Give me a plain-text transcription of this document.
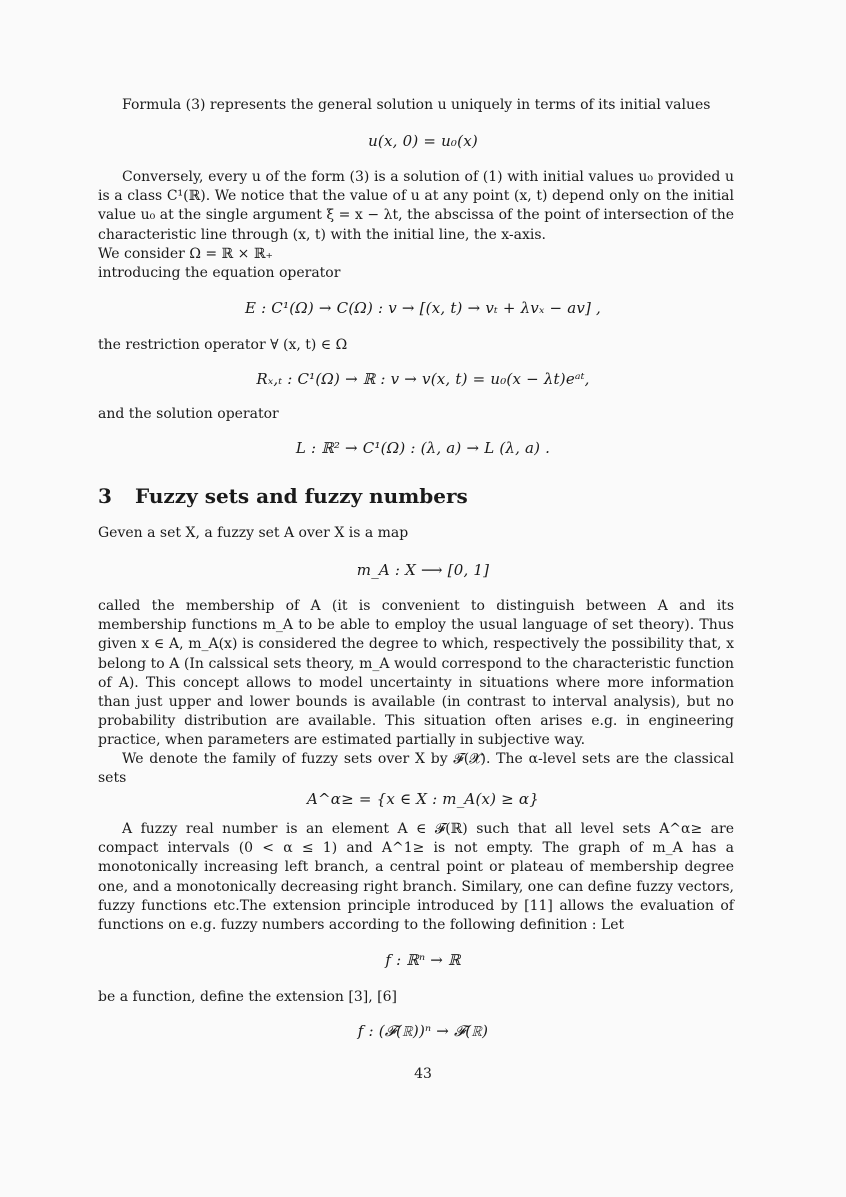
Formula (3) represents the general solution u uniquely in terms of its initial values

u(x, 0) = u₀(x)

Conversely, every u of the form (3) is a solution of (1) with initial values u₀ provided u is a class C¹(ℝ). We notice that the value of u at any point (x, t) depend only on the initial value u₀ at the single argument ξ = x − λt, the abscissa of the point of intersection of the characteristic line through (x, t) with the initial line, the x-axis.

We consider Ω = ℝ × ℝ₊

introducing the equation operator

E : C¹(Ω) → C(Ω) : v → [(x, t) → vₜ + λvₓ − av] ,

the restriction operator ∀ (x, t) ∈ Ω

Rₓ,ₜ : C¹(Ω) → ℝ : v → v(x, t) = u₀(x − λt)eᵃᵗ,

and the solution operator

L : ℝ² → C¹(Ω) : (λ, a) → L (λ, a) .

3 Fuzzy sets and fuzzy numbers

Geven a set X, a fuzzy set A over X is a map

m_A : X ⟶ [0, 1]

called the membership of A (it is convenient to distinguish between A and its membership functions m_A to be able to employ the usual language of set theory). Thus given x ∈ A, m_A(x) is considered the degree to which, respectively the possibility that, x belong to A (In calssical sets theory, m_A would correspond to the characteristic function of A). This concept allows to model uncertainty in situations where more information than just upper and lower bounds is available (in contrast to interval analysis), but no probability distribution are available. This situation often arises e.g. in engineering practice, when parameters are estimated partially in subjective way.

We denote the family of fuzzy sets over X by 𝓕(𝓧). The α-level sets are the classical sets

A^α≥ = {x ∈ X : m_A(x) ≥ α}

A fuzzy real number is an element A ∈ 𝓕(ℝ) such that all level sets A^α≥ are compact intervals (0 < α ≤ 1) and A^1≥ is not empty. The graph of m_A has a monotonically increasing left branch, a central point or plateau of membership degree one, and a monotonically decreasing right branch. Similary, one can define fuzzy vectors, fuzzy functions etc.The extension principle introduced by [11] allows the evaluation of functions on e.g. fuzzy numbers according to the following definition : Let

f : ℝⁿ → ℝ

be a function, define the extension [3], [6]

f : (𝓕(ℝ))ⁿ → 𝓕(ℝ)

43
